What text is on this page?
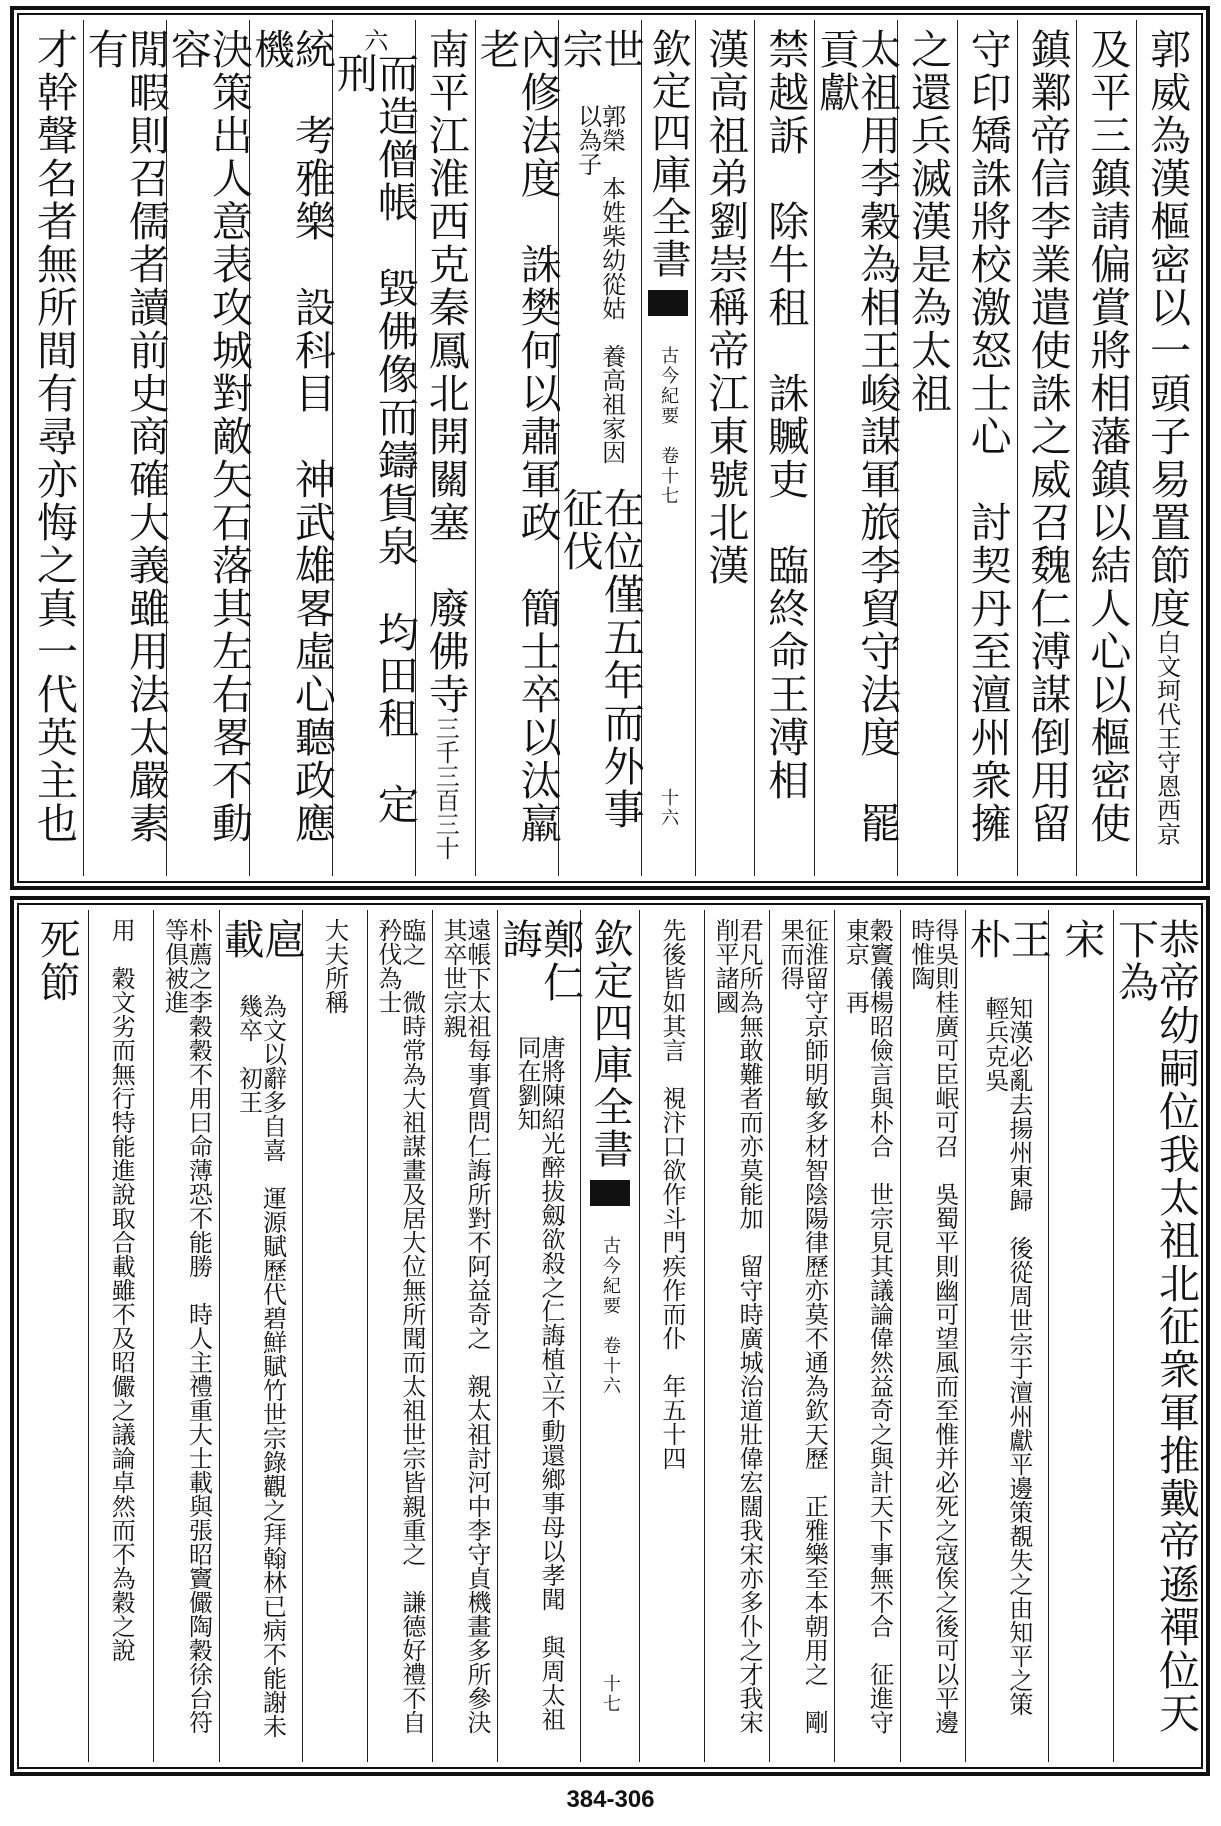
郭威為漢樞密以一頭子易置節度
白文珂代王守恩西京
及平三鎮請偏賞將相藩鎮以結人心以樞密使
鎮鄴帝信李業遣使誅之威召魏仁溥謀倒用留
守印矯誅將校激怒士心　討契丹至澶州衆擁
之還兵滅漢是為太祖
太祖用李穀為相王峻謀軍旅李貿守法度　罷貢獻
禁越訴　除牛租　誅贓吏　臨終命王溥相
漢高祖弟劉崇稱帝江東號北漢
欽定四庫全書
古今紀要　卷十七
十六
世宗
郭榮　本姓柴幼從姑　養高祖家因以為子
在位僅五年而外事征伐
內修法度　誅樊何以肅軍政　簡士卒以汰羸老
南平江淮西克秦鳳北開關塞　廢佛寺
三千三百三十
六
而造僧帳　毀佛像而鑄貨泉　均田租　定刑
統　考雅樂　設科目　神武雄畧虛心聽政應機
決策出人意表攻城對敵矢石落其左右畧不動容
閒暇則召儒者讀前史商確大義雖用法太嚴素有
才幹聲名者無所間有尋亦悔之真一代英主也
恭帝幼嗣位我太祖北征衆軍推戴帝遜禪位天下為
宋
王朴
知漢必亂去揚州東歸　後從周世宗于澶州獻平邊策覩失之由知平之策　輕兵克吳
得吳則桂廣可臣岷可召　吳蜀平則幽可望風而至惟并必死之寇俟之後可以平邊時惟陶
穀竇儀楊昭儉言與朴合　世宗見其議論偉然益奇之與計天下事無不合　征進守東京　再
征淮留守京師明敏多材智陰陽律歷亦莫不通為欽天歷　正雅樂至本朝用之　剛果而得
君凡所為無敢難者而亦莫能加　留守時廣城治道壯偉宏闊我宋亦多仆之才我宋削平諸國
先後皆如其言　視汴口欲作斗門疾作而仆　年五十四
欽定四庫全書
古今紀要　卷十六
十七
鄭仁誨
唐將陳紹光醉拔劔欲殺之仁誨植立不動還鄉事母以孝聞　與周太祖同在劉知
遠帳下太祖每事質問仁誨所對不阿益奇之　親太祖討河中李守貞機畫多所參決其卒世宗親
臨之　微時常為大祖謀畫及居大位無所聞而太祖世宗皆親重之　謙德好禮不自矜伐為士
大夫所稱
扈載
為文以辭多自喜　運源賦歷代碧鮮賦竹世宗錄觀之拜翰林已病不能謝未幾卒　初王
朴薦之李穀穀不用曰命薄恐不能勝　時人主禮重大士載與張昭竇儼陶穀徐台符等俱被進
用　穀文劣而無行特能進說取合載雖不及昭儼之議論卓然而不為穀之說
死節
384-306
